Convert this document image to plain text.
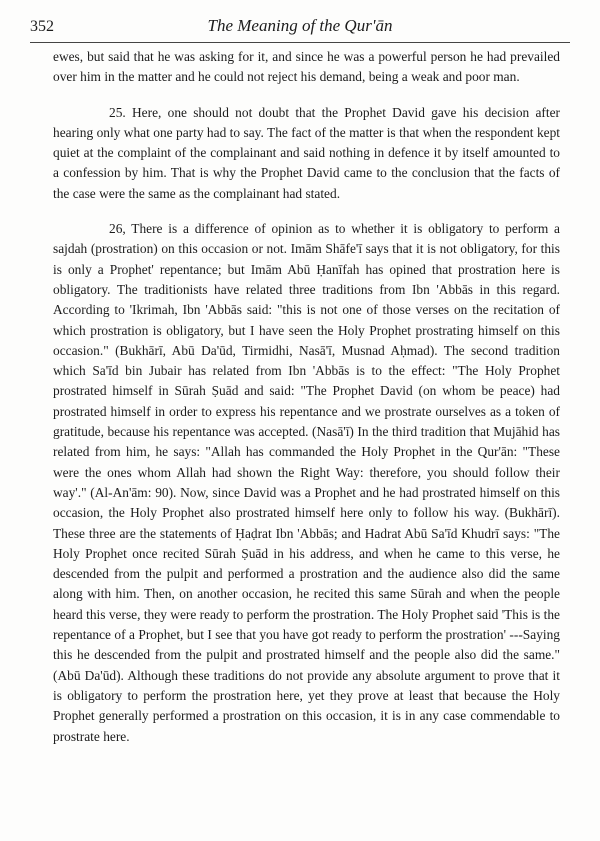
352	The Meaning of the Qur'ān

ewes, but said that he was asking for it, and since he was a powerful person he had prevailed over him in the matter and he could not reject his demand, being a weak and poor man.

25. Here, one should not doubt that the Prophet David gave his decision after hearing only what one party had to say. The fact of the matter is that when the respondent kept quiet at the complaint of the complainant and said nothing in defence it by itself amounted to a confession by him. That is why the Prophet David came to the conclusion that the facts of the case were the same as the complainant had stated.

26, There is a difference of opinion as to whether it is obligatory to perform a sajdah (prostration) on this occasion or not. Imām Shāfe'ī says that it is not obligatory, for this is only a Prophet' repentance; but Imām Abū Ḥanīfah has opined that prostration here is obligatory. The traditionists have related three traditions from Ibn 'Abbās in this regard. According to 'Ikrimah, Ibn 'Abbās said: "this is not one of those verses on the recitation of which prostration is obligatory, but I have seen the Holy Prophet prostrating himself on this occasion." (Bukhārī, Abū Da'ūd, Tirmidhi, Nasā'ī, Musnad Aḥmad). The second tradition which Sa'īd bin Jubair has related from Ibn 'Abbās is to the effect: "The Holy Prophet prostrated himself in Sūrah Ṣuād and said: "The Prophet David (on whom be peace) had prostrated himself in order to express his repentance and we prostrate ourselves as a token of gratitude, because his repentance was accepted. (Nasā'ī) In the third tradition that Mujāhid has related from him, he says: "Allah has commanded the Holy Prophet in the Qur'ān: "These were the ones whom Allah had shown the Right Way: therefore, you should follow their way'." (Al-An'ām: 90). Now, since David was a Prophet and he had prostrated himself on this occasion, the Holy Prophet also prostrated himself here only to follow his way. (Bukhārī). These three are the statements of Ḥaḍrat Ibn 'Abbās; and Hadrat Abū Sa'īd Khudrī says: "The Holy Prophet once recited Sūrah Ṣuād in his address, and when he came to this verse, he descended from the pulpit and performed a prostration and the audience also did the same along with him. Then, on another occasion, he recited this same Sūrah and when the people heard this verse, they were ready to perform the prostration. The Holy Prophet said 'This is the repentance of a Prophet, but I see that you have got ready to perform the prostration' ---Saying this he descended from the pulpit and prostrated himself and the people also did the same." (Abū Da'ūd). Although these traditions do not provide any absolute argument to prove that it is obligatory to perform the prostration here, yet they prove at least that because the Holy Prophet generally performed a prostration on this occasion, it is in any case commendable to prostrate here.
